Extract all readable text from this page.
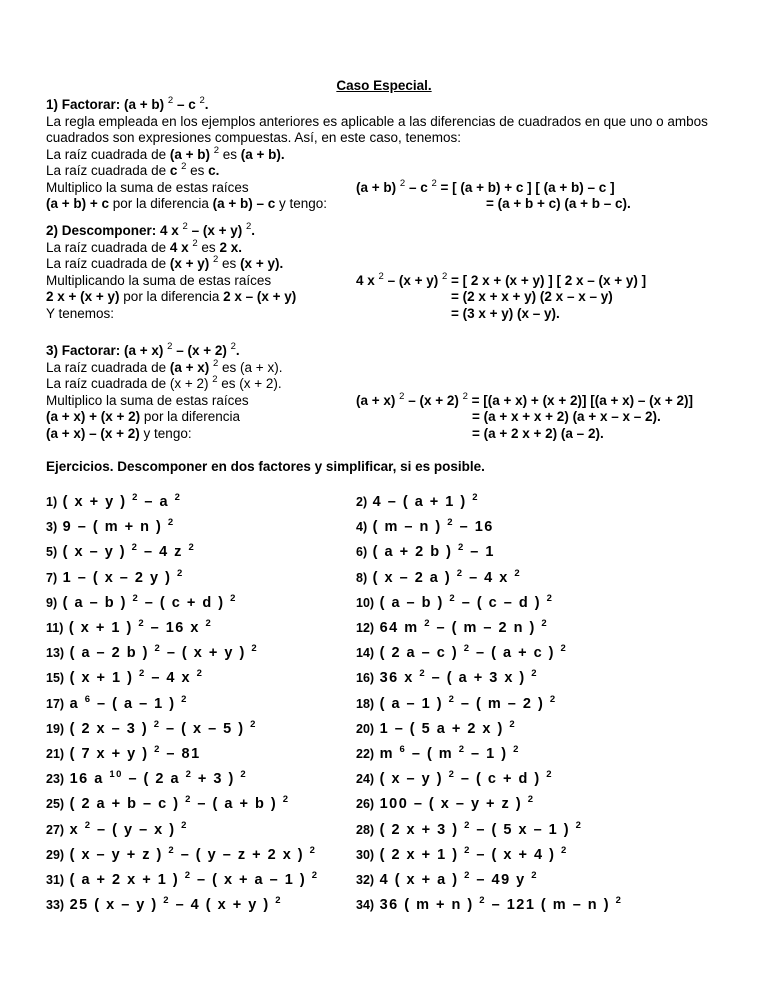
Caso Especial.
1) Factorar: (a + b) $^2$ – c $^2$.
La regla empleada en los ejemplos anteriores es aplicable a las diferencias de cuadrados en que uno o ambos
cuadrados son expresiones compuestas. Así, en este caso, tenemos:
La raíz cuadrada de (a + b) $^2$ es (a + b).
La raíz cuadrada de c $^2$ es c.
Multiplico la suma de estas raíces
(a + b) + c por la diferencia (a + b) – c y tengo:
(a + b) $^2$ – c $^2$ = [ (a + b) + c ] [ (a + b) – c ]
= (a + b + c) (a + b – c).
2) Descomponer: 4 x $^2$ – (x + y) $^2$.
La raíz cuadrada de 4 x $^2$ es 2 x.
La raíz cuadrada de (x + y) $^2$ es (x + y).
Multiplicando la suma de estas raíces
2 x + (x + y) por la diferencia 2 x – (x + y)
Y tenemos:
4 x $^2$ – (x + y) $^2$ = [ 2 x + (x + y) ] [ 2 x – (x + y) ]
= (2 x + x + y) (2 x – x – y)
= (3 x + y) (x – y).
3) Factorar: (a + x) $^2$ – (x + 2) $^2$.
La raíz cuadrada de (a + x) $^2$ es (a + x).
La raíz cuadrada de (x + 2) $^2$ es (x + 2).
Multiplico la suma de estas raíces
(a + x) + (x + 2) por la diferencia
(a + x) – (x + 2) y tengo:
(a + x) $^2$ – (x + 2) $^2$ = [(a + x) + (x + 2)] [(a + x) – (x + 2)]
= (a + x + x + 2) (a + x – x – 2).
= (a + 2 x + 2) (a – 2).
Ejercicios. Descomponer en dos factores y simplificar, si es posible.
1) ( x + y ) $^2$ – a $^2$	2) 4 – ( a + 1 ) $^2$
3) 9 – ( m + n ) $^2$	4) ( m – n ) $^2$ – 16
5) ( x – y ) $^2$ – 4 z $^2$	6) ( a + 2 b ) $^2$ – 1
7) 1 – ( x – 2 y ) $^2$	8) ( x – 2 a ) $^2$ – 4 x $^2$
9) ( a – b ) $^2$ – ( c + d ) $^2$	10) ( a – b ) $^2$ – ( c – d ) $^2$
11) ( x + 1 ) $^2$ – 16 x $^2$	12) 64 m $^2$ – ( m – 2 n ) $^2$
13) ( a – 2 b ) $^2$ – ( x + y ) $^2$	14) ( 2 a – c ) $^2$ – ( a + c ) $^2$
15) ( x + 1 ) $^2$ – 4 x $^2$	16) 36 x $^2$ – ( a + 3 x ) $^2$
17) a $^6$ – ( a – 1 ) $^2$	18) ( a – 1 ) $^2$ – ( m – 2 ) $^2$
19) ( 2 x – 3 ) $^2$ – ( x – 5 ) $^2$	20) 1 – ( 5 a + 2 x ) $^2$
21) ( 7 x + y ) $^2$ – 81	22) m $^6$ – ( m $^2$ – 1 ) $^2$
23) 16 a $^{10}$ – ( 2 a $^2$ + 3 ) $^2$	24) ( x – y ) $^2$ – ( c + d ) $^2$
25) ( 2 a + b – c ) $^2$ – ( a + b ) $^2$	26) 100 – ( x – y + z ) $^2$
27) x $^2$ – ( y – x ) $^2$	28) ( 2 x + 3 ) $^2$ – ( 5 x – 1 ) $^2$
29) ( x – y + z ) $^2$ – ( y – z + 2 x ) $^2$	30) ( 2 x + 1 ) $^2$ – ( x + 4 ) $^2$
31) ( a + 2 x + 1 ) $^2$ – ( x + a – 1 ) $^2$	32) 4 ( x + a ) $^2$ – 49 y $^2$
33) 25 ( x – y ) $^2$ – 4 ( x + y ) $^2$	34) 36 ( m + n ) $^2$ – 121 ( m – n ) $^2$
